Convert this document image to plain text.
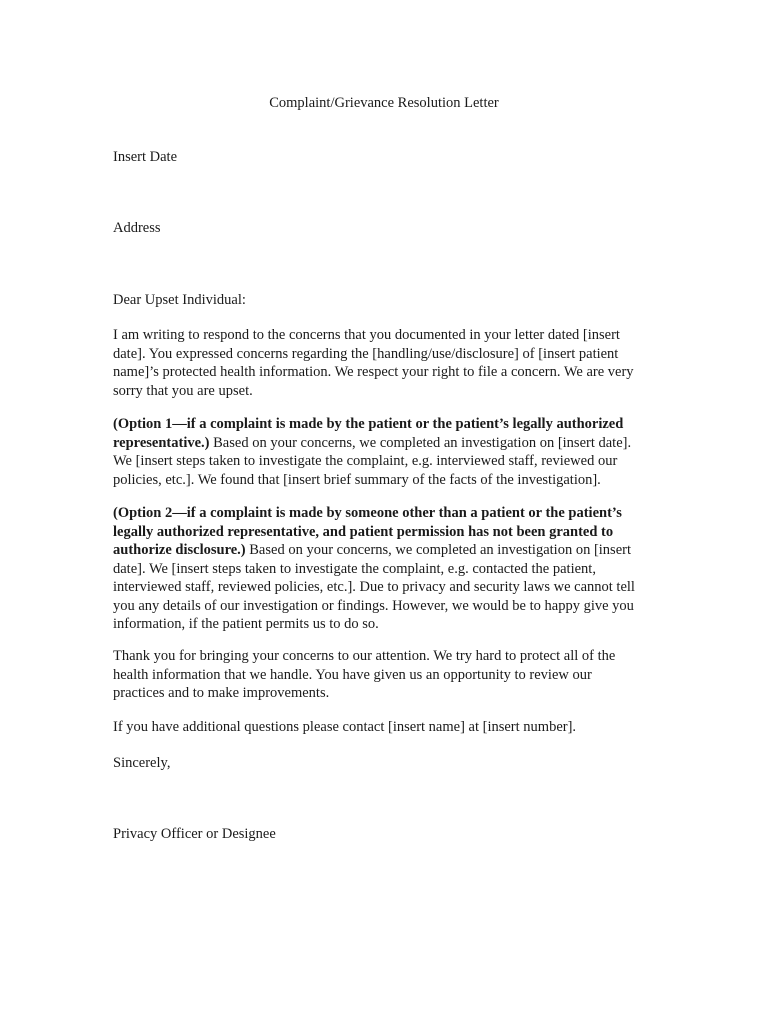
Complaint/Grievance Resolution Letter
Insert Date
Address
Dear Upset Individual:

I am writing to respond to the concerns that you documented in your letter dated [insert
date]. You expressed concerns regarding the [handling/use/disclosure] of [insert patient
name]’s protected health information. We respect your right to file a concern. We are very
sorry that you are upset.

(Option 1—if a complaint is made by the patient or the patient’s legally authorized
representative.) Based on your concerns, we completed an investigation on [insert date].
We [insert steps taken to investigate the complaint, e.g. interviewed staff, reviewed our
policies, etc.]. We found that [insert brief summary of the facts of the investigation].

(Option 2—if a complaint is made by someone other than a patient or the patient’s
legally authorized representative, and patient permission has not been granted to
authorize disclosure.) Based on your concerns, we completed an investigation on [insert
date]. We [insert steps taken to investigate the complaint, e.g. contacted the patient,
interviewed staff, reviewed policies, etc.]. Due to privacy and security laws we cannot tell
you any details of our investigation or findings. However, we would be to happy give you
information, if the patient permits us to do so.

Thank you for bringing your concerns to our attention. We try hard to protect all of the
health information that we handle. You have given us an opportunity to review our
practices and to make improvements.

If you have additional questions please contact [insert name] at [insert number].
Sincerely,
Privacy Officer or Designee
